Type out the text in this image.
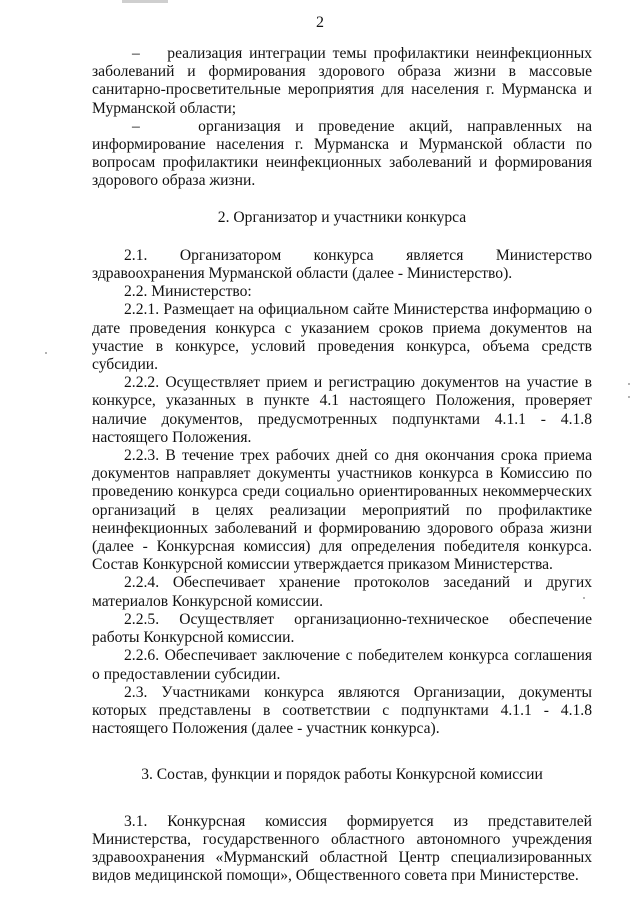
2

–    реализация интеграции темы профилактики неинфекционных заболеваний и формирования здорового образа жизни в массовые санитарно-просветительные мероприятия для населения г. Мурманска и Мурманской области;

–    организация и проведение акций, направленных на информирование населения г. Мурманска и Мурманской области по вопросам профилактики неинфекционных заболеваний и формирования здорового образа жизни.

2. Организатор и участники конкурса

2.1. Организатором конкурса является Министерство здравоохранения Мурманской области (далее - Министерство).

2.2. Министерство:

2.2.1. Размещает на официальном сайте Министерства информацию о дате проведения конкурса с указанием сроков приема документов на участие в конкурсе, условий проведения конкурса, объема средств субсидии.

2.2.2. Осуществляет прием и регистрацию документов на участие в конкурсе, указанных в пункте 4.1 настоящего Положения, проверяет наличие документов, предусмотренных подпунктами 4.1.1 - 4.1.8 настоящего Положения.

2.2.3. В течение трех рабочих дней со дня окончания срока приема документов направляет документы участников конкурса в Комиссию по проведению конкурса среди социально ориентированных некоммерческих организаций в целях реализации мероприятий по профилактике неинфекционных заболеваний и формированию здорового образа жизни (далее - Конкурсная комиссия) для определения победителя конкурса. Состав Конкурсной комиссии утверждается приказом Министерства.

2.2.4. Обеспечивает хранение протоколов заседаний и других материалов Конкурсной комиссии.

2.2.5. Осуществляет организационно-техническое обеспечение работы Конкурсной комиссии.

2.2.6. Обеспечивает заключение с победителем конкурса соглашения о предоставлении субсидии.

2.3. Участниками конкурса являются Организации, документы которых представлены в соответствии с подпунктами 4.1.1 - 4.1.8 настоящего Положения (далее - участник конкурса).

3. Состав, функции и порядок работы Конкурсной комиссии

3.1. Конкурсная комиссия формируется из представителей Министерства, государственного областного автономного учреждения здравоохранения «Мурманский областной Центр специализированных видов медицинской помощи», Общественного совета при Министерстве.
